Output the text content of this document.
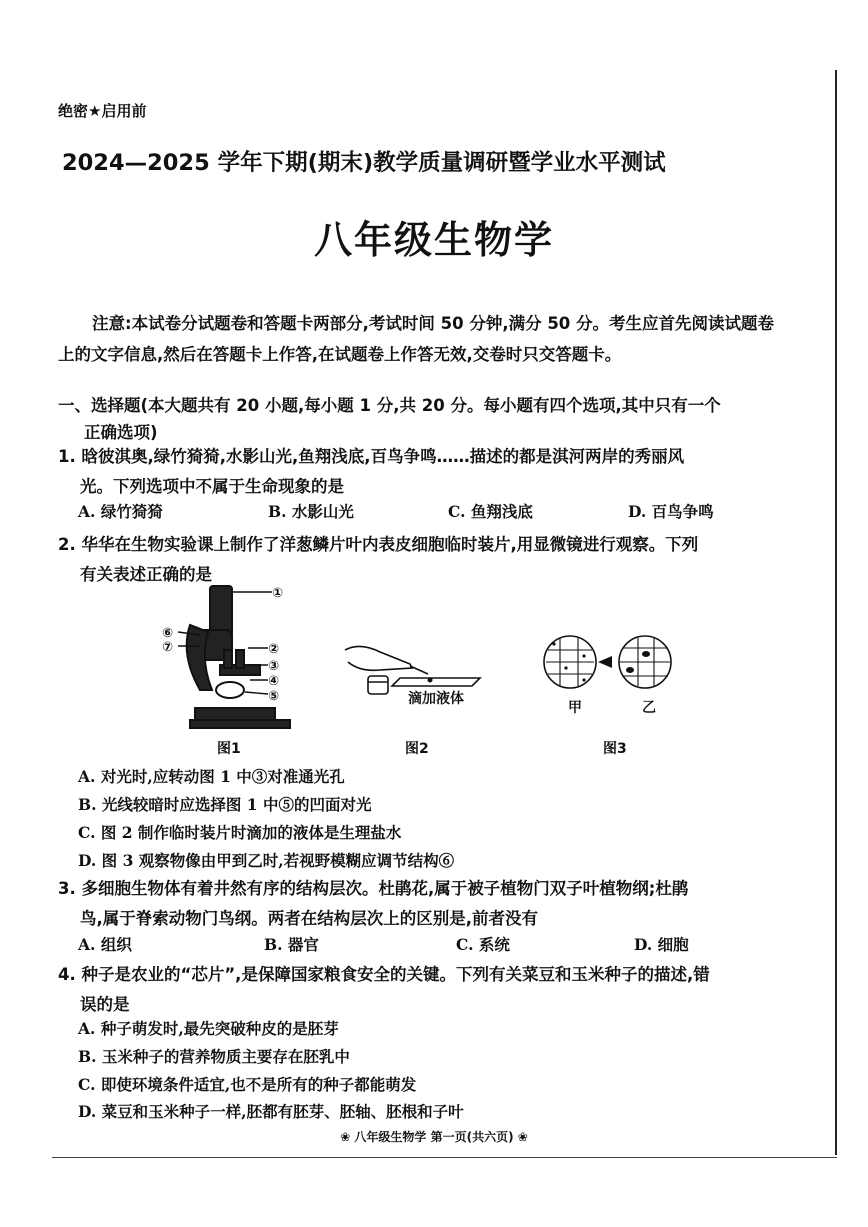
绝密★启用前
2024—2025 学年下期(期末)教学质量调研暨学业水平测试
八年级生物学
注意:本试卷分试题卷和答题卡两部分,考试时间 50 分钟,满分 50 分。考生应首先阅读试题卷上的文字信息,然后在答题卡上作答,在试题卷上作答无效,交卷时只交答题卡。
一、选择题(本大题共有 20 小题,每小题 1 分,共 20 分。每小题有四个选项,其中只有一个
正确选项)
1. 晗彼淇奥,绿竹猗猗,水影山光,鱼翔浅底,百鸟争鸣……描述的都是淇河两岸的秀丽风
光。下列选项中不属于生命现象的是
A. 绿竹猗猗	B. 水影山光	C. 鱼翔浅底	D. 百鸟争鸣
2. 华华在生物实验课上制作了洋葱鳞片叶内表皮细胞临时装片,用显微镜进行观察。下列
有关表述正确的是
①
②
③
④
⑤
⑥
⑦
图1
滴加液体
图2
甲	乙
图3
A. 对光时,应转动图 1 中③对准通光孔
B. 光线较暗时应选择图 1 中⑤的凹面对光
C. 图 2 制作临时装片时滴加的液体是生理盐水
D. 图 3 观察物像由甲到乙时,若视野模糊应调节结构⑥
3. 多细胞生物体有着井然有序的结构层次。杜鹃花,属于被子植物门双子叶植物纲;杜鹃
鸟,属于脊索动物门鸟纲。两者在结构层次上的区别是,前者没有
A. 组织	B. 器官	C. 系统	D. 细胞
4. 种子是农业的“芯片”,是保障国家粮食安全的关键。下列有关菜豆和玉米种子的描述,错
误的是
A. 种子萌发时,最先突破种皮的是胚芽
B. 玉米种子的营养物质主要存在胚乳中
C. 即使环境条件适宜,也不是所有的种子都能萌发
D. 菜豆和玉米种子一样,胚都有胚芽、胚轴、胚根和子叶
❀ 八年级生物学 第一页(共六页) ❀
